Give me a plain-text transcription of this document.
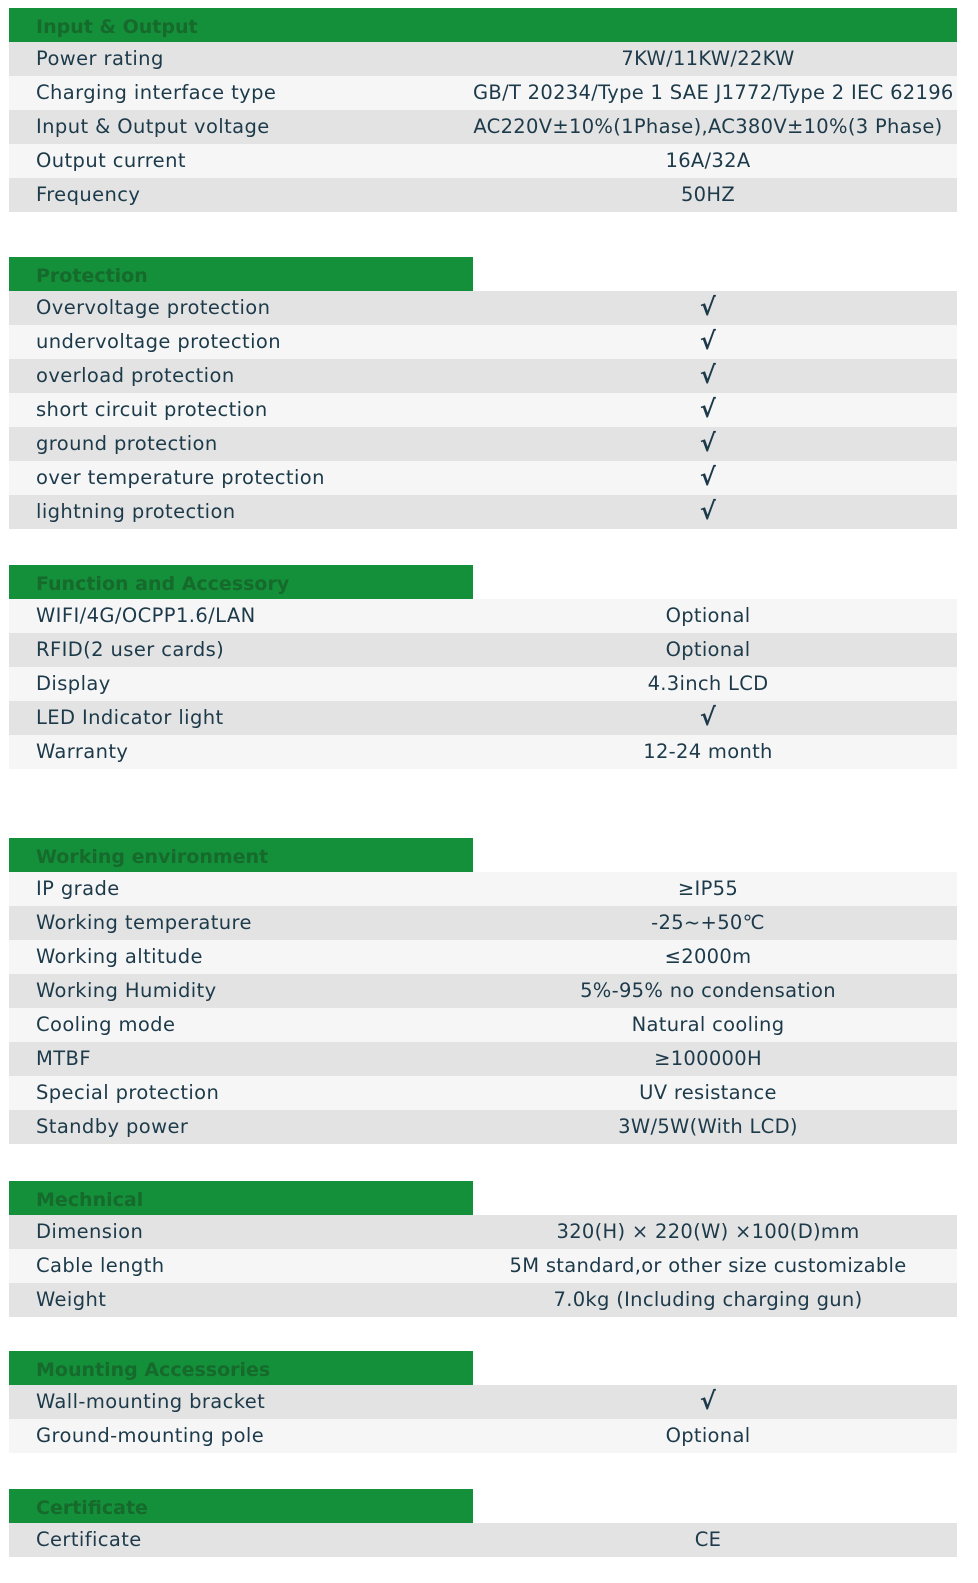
Input & Output
Power rating	7KW/11KW/22KW
Charging interface type	GB/T 20234/Type 1 SAE J1772/Type 2 IEC 62196
Input & Output voltage	AC220V±10%(1Phase),AC380V±10%(3 Phase)
Output current	16A/32A
Frequency	50HZ
Protection
Overvoltage protection	√
undervoltage protection	√
overload protection	√
short circuit protection	√
ground protection	√
over temperature protection	√
lightning protection	√
Function and Accessory
WIFI/4G/OCPP1.6/LAN	Optional
RFID(2 user cards)	Optional
Display	4.3inch LCD
LED Indicator light	√
Warranty	12-24 month
Working environment
IP grade	≥IP55
Working temperature	-25~+50℃
Working altitude	≤2000m
Working Humidity	5%-95% no condensation
Cooling mode	Natural cooling
MTBF	≥100000H
Special protection	UV resistance
Standby power	3W/5W(With LCD)
Mechnical
Dimension	320(H) × 220(W) ×100(D)mm
Cable length	5M standard,or other size customizable
Weight	7.0kg (Including charging gun)
Mounting Accessories
Wall-mounting bracket	√
Ground-mounting pole	Optional
Certificate
Certificate	CE
